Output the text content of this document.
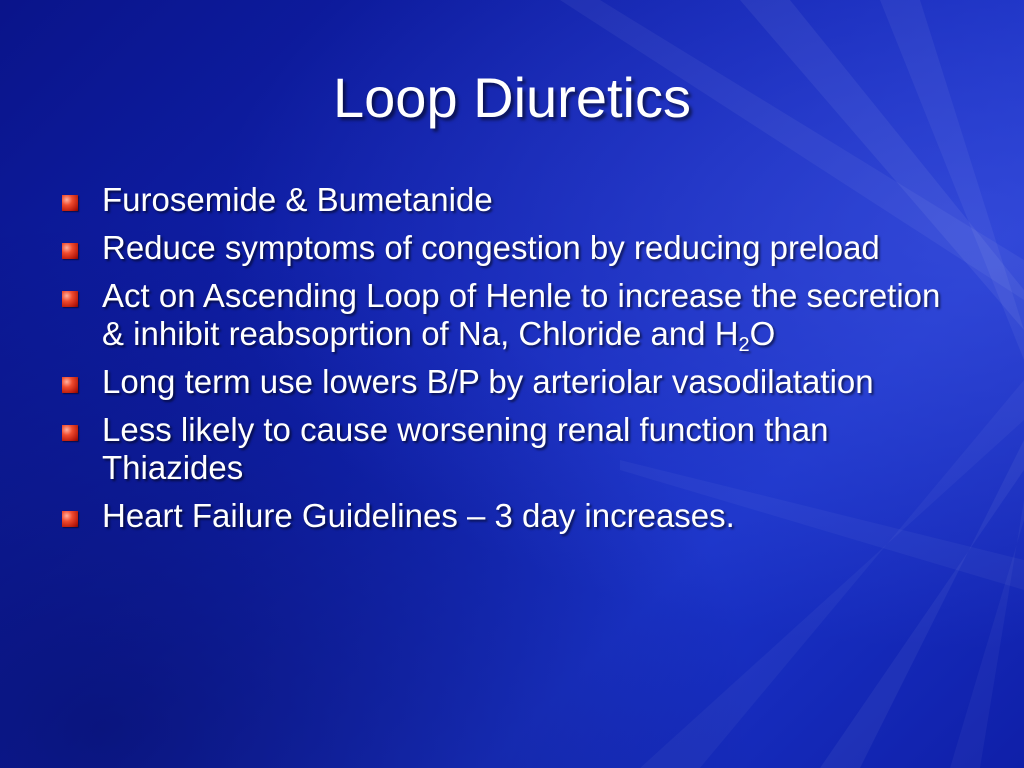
Loop Diuretics
Furosemide & Bumetanide
Reduce symptoms of congestion by reducing preload
Act on Ascending Loop of Henle to increase the secretion & inhibit reabsoprtion of Na, Chloride and $H_2O$
Long term use lowers B/P by arteriolar vasodilatation
Less likely to cause worsening renal function than Thiazides
Heart Failure Guidelines – 3 day increases.
